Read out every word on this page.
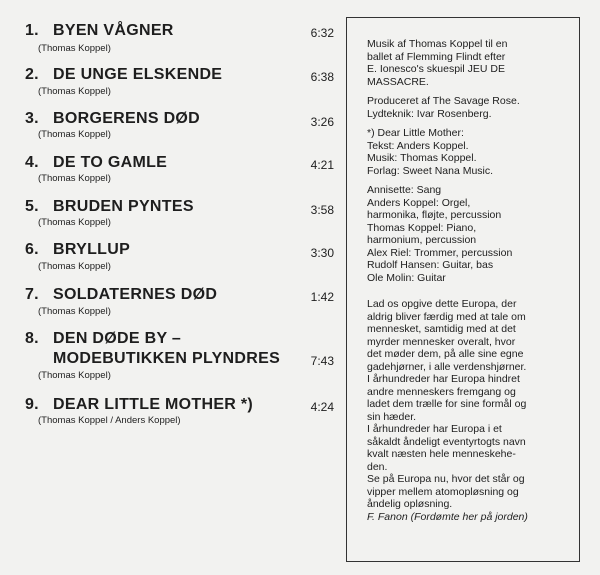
1. BYEN VÅGNER	6:32
(Thomas Koppel)
2. DE UNGE ELSKENDE	6:38
(Thomas Koppel)
3. BORGERENS DØD	3:26
(Thomas Koppel)
4. DE TO GAMLE	4:21
(Thomas Koppel)
5. BRUDEN PYNTES	3:58
(Thomas Koppel)
6. BRYLLUP	3:30
(Thomas Koppel)
7. SOLDATERNES DØD	1:42
(Thomas Koppel)
8. DEN DØDE BY –
MODEBUTIKKEN PLYNDRES	7:43
(Thomas Koppel)
9. DEAR LITTLE MOTHER *)	4:24
(Thomas Koppel / Anders Koppel)
Musik af Thomas Koppel til en
ballet af Flemming Flindt efter
E. Ionesco's skuespil JEU DE
MASSACRE.
Produceret af The Savage Rose.
Lydteknik: Ivar Rosenberg.
*) Dear Little Mother:
Tekst: Anders Koppel.
Musik: Thomas Koppel.
Forlag: Sweet Nana Music.
Annisette: Sang
Anders Koppel: Orgel,
harmonika, fløjte, percussion
Thomas Koppel: Piano,
harmonium, percussion
Alex Riel: Trommer, percussion
Rudolf Hansen: Guitar, bas
Ole Molin: Guitar
Lad os opgive dette Europa, der
aldrig bliver færdig med at tale om
mennesket, samtidig med at det
myrder mennesker overalt, hvor
det møder dem, på alle sine egne
gadehjørner, i alle verdenshjørner.
I århundreder har Europa hindret
andre menneskers fremgang og
ladet dem trælle for sine formål og
sin hæder.
I århundreder har Europa i et
såkaldt åndeligt eventyrtogts navn
kvalt næsten hele menneskehe-
den.
Se på Europa nu, hvor det står og
vipper mellem atomopløsning og
åndelig opløsning.
F. Fanon (Fordømte her på jorden)
